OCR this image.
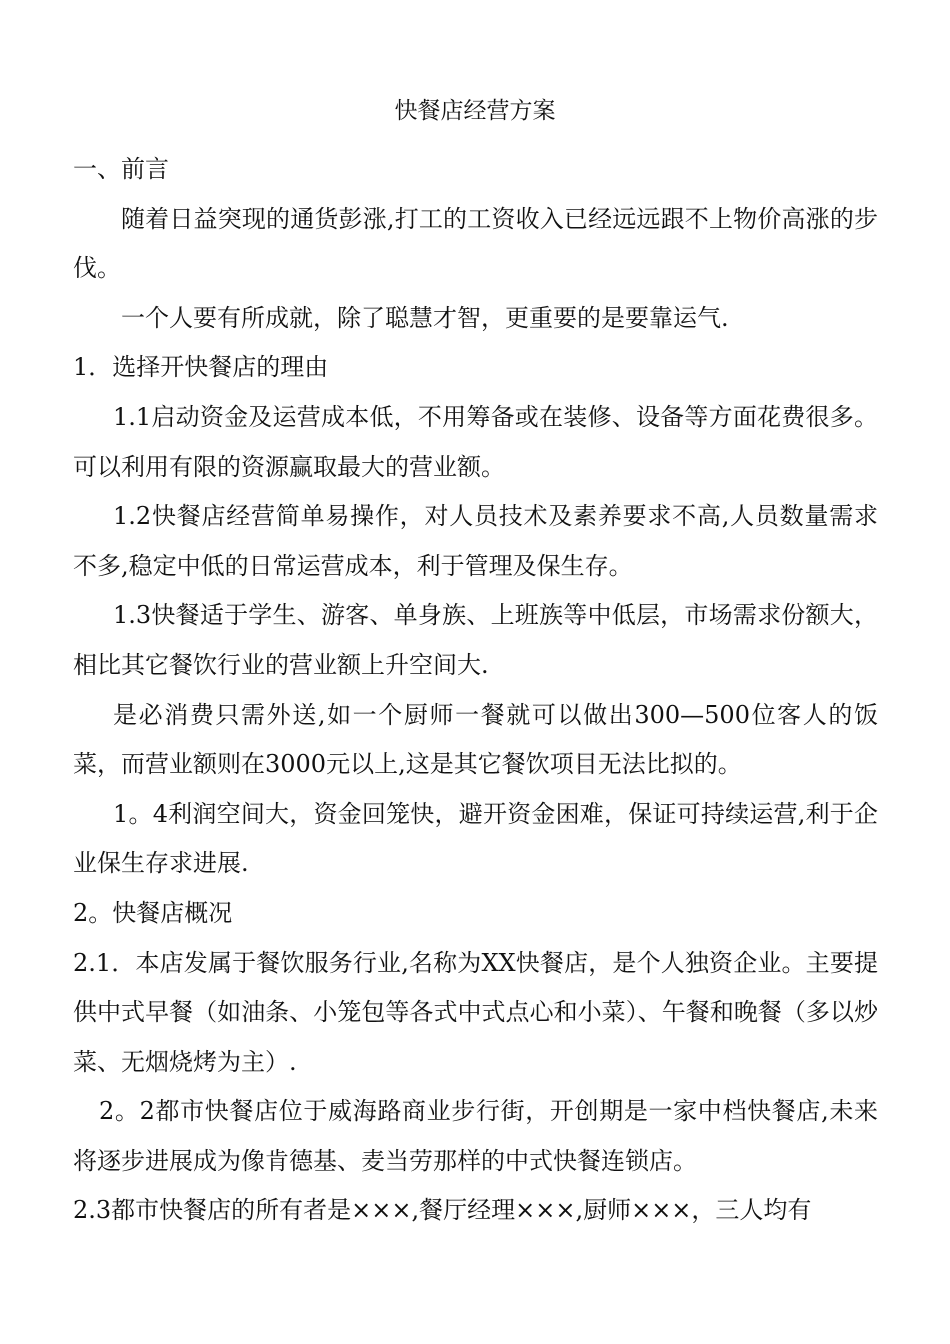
快餐店经营方案

一、前言

随着日益突现的通货彭涨,打工的工资收入已经远远跟不上物价高涨的步伐。

一个人要有所成就，除了聪慧才智，更重要的是要靠运气.

1．选择开快餐店的理由

1.1启动资金及运营成本低，不用筹备或在装修、设备等方面花费很多。可以利用有限的资源赢取最大的营业额。

1.2快餐店经营简单易操作，对人员技术及素养要求不高,人员数量需求不多,稳定中低的日常运营成本，利于管理及保生存。

1.3快餐适于学生、游客、单身族、上班族等中低层，市场需求份额大，相比其它餐饮行业的营业额上升空间大.

是必消费只需外送,如一个厨师一餐就可以做出300—500位客人的饭菜，而营业额则在3000元以上,这是其它餐饮项目无法比拟的。

1。4利润空间大，资金回笼快，避开资金困难，保证可持续运营,利于企业保生存求进展.

2。快餐店概况

2.1．本店发属于餐饮服务行业,名称为XX快餐店，是个人独资企业。主要提供中式早餐（如油条、小笼包等各式中式点心和小菜）、午餐和晚餐（多以炒菜、无烟烧烤为主）.

2。2都市快餐店位于威海路商业步行街，开创期是一家中档快餐店,未来将逐步进展成为像肯德基、麦当劳那样的中式快餐连锁店。

2.3都市快餐店的所有者是×××,餐厅经理×××,厨师×××，三人均有
